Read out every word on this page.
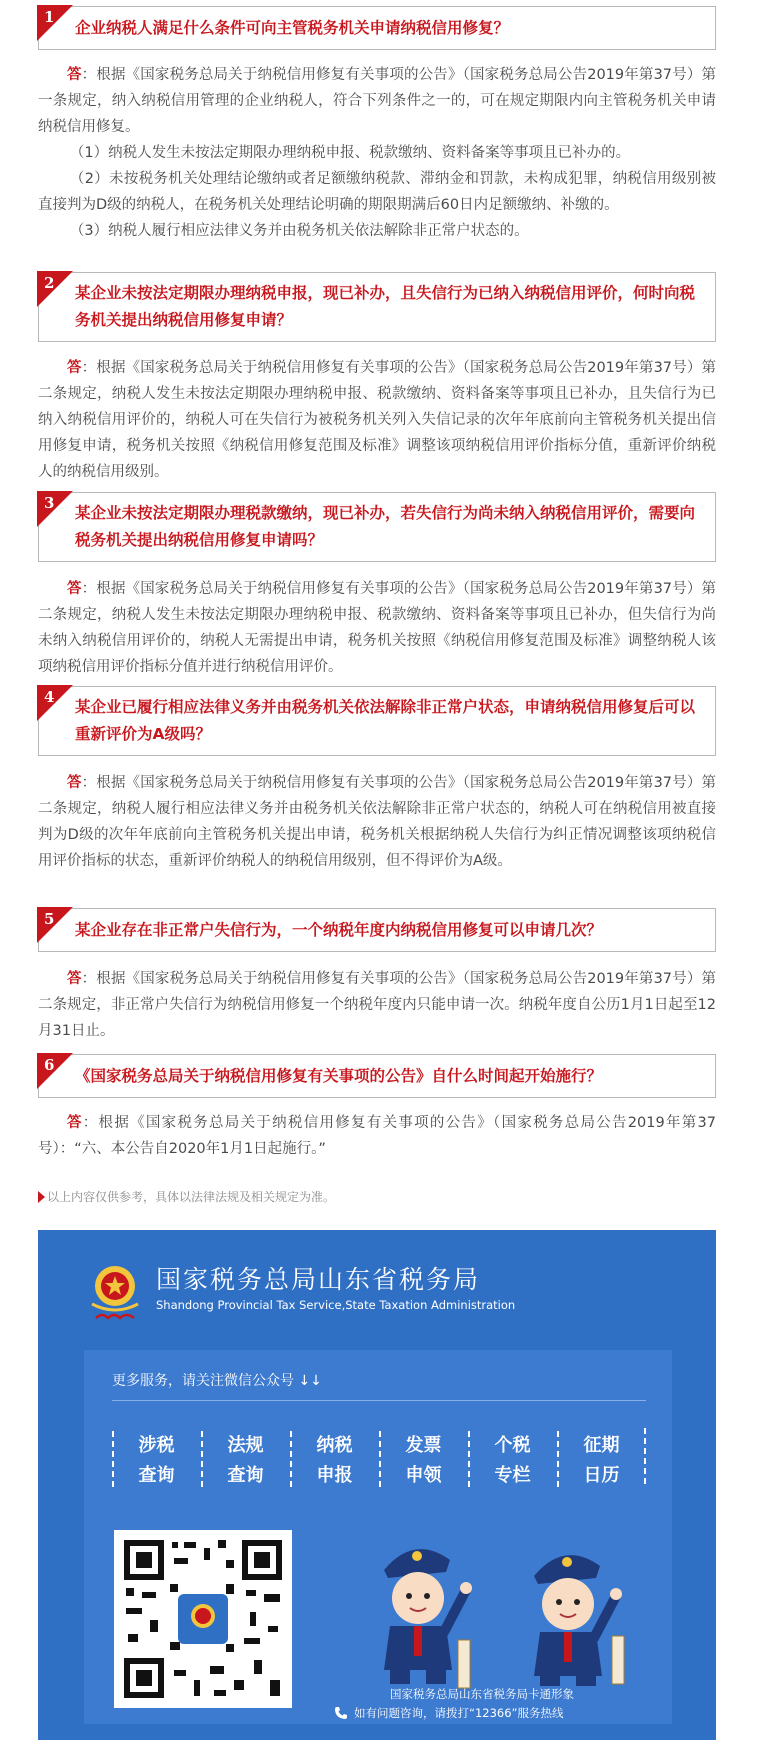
1
企业纳税人满足什么条件可向主管税务机关申请纳税信用修复？

答：根据《国家税务总局关于纳税信用修复有关事项的公告》（国家税务总局公告2019年第37号）第一条规定，纳入纳税信用管理的企业纳税人，符合下列条件之一的，可在规定期限内向主管税务机关申请纳税信用修复。

（1）纳税人发生未按法定期限办理纳税申报、税款缴纳、资料备案等事项且已补办的。

（2）未按税务机关处理结论缴纳或者足额缴纳税款、滞纳金和罚款，未构成犯罪，纳税信用级别被直接判为D级的纳税人，在税务机关处理结论明确的期限期满后60日内足额缴纳、补缴的。

（3）纳税人履行相应法律义务并由税务机关依法解除非正常户状态的。

2
某企业未按法定期限办理纳税申报，现已补办，且失信行为已纳入纳税信用评价，何时向税务机关提出纳税信用修复申请？

答：根据《国家税务总局关于纳税信用修复有关事项的公告》（国家税务总局公告2019年第37号）第二条规定，纳税人发生未按法定期限办理纳税申报、税款缴纳、资料备案等事项且已补办，且失信行为已纳入纳税信用评价的，纳税人可在失信行为被税务机关列入失信记录的次年年底前向主管税务机关提出信用修复申请，税务机关按照《纳税信用修复范围及标准》调整该项纳税信用评价指标分值，重新评价纳税人的纳税信用级别。

3
某企业未按法定期限办理税款缴纳，现已补办，若失信行为尚未纳入纳税信用评价，需要向税务机关提出纳税信用修复申请吗？

答：根据《国家税务总局关于纳税信用修复有关事项的公告》（国家税务总局公告2019年第37号）第二条规定，纳税人发生未按法定期限办理纳税申报、税款缴纳、资料备案等事项且已补办，但失信行为尚未纳入纳税信用评价的，纳税人无需提出申请，税务机关按照《纳税信用修复范围及标准》调整纳税人该项纳税信用评价指标分值并进行纳税信用评价。

4
某企业已履行相应法律义务并由税务机关依法解除非正常户状态，申请纳税信用修复后可以重新评价为A级吗？

答：根据《国家税务总局关于纳税信用修复有关事项的公告》（国家税务总局公告2019年第37号）第二条规定，纳税人履行相应法律义务并由税务机关依法解除非正常户状态的，纳税人可在纳税信用被直接判为D级的次年年底前向主管税务机关提出申请，税务机关根据纳税人失信行为纠正情况调整该项纳税信用评价指标的状态，重新评价纳税人的纳税信用级别，但不得评价为A级。

5
某企业存在非正常户失信行为，一个纳税年度内纳税信用修复可以申请几次？

答：根据《国家税务总局关于纳税信用修复有关事项的公告》（国家税务总局公告2019年第37号）第二条规定，非正常户失信行为纳税信用修复一个纳税年度内只能申请一次。纳税年度自公历1月1日起至12月31日止。

6
《国家税务总局关于纳税信用修复有关事项的公告》自什么时间起开始施行？

答：根据《国家税务总局关于纳税信用修复有关事项的公告》（国家税务总局公告2019年第37号）：“六、本公告自2020年1月1日起施行。”

以上内容仅供参考，具体以法律法规及相关规定为准。
国家税务总局山东省税务局
Shandong Provincial Tax Service,State Taxation Administration
更多服务，请关注微信公众号 ↓↓
涉税查询
法规查询
纳税申报
发票申领
个税专栏
征期日历
国家税务总局山东省税务局卡通形象
如有问题咨询，请拨打“12366”服务热线
